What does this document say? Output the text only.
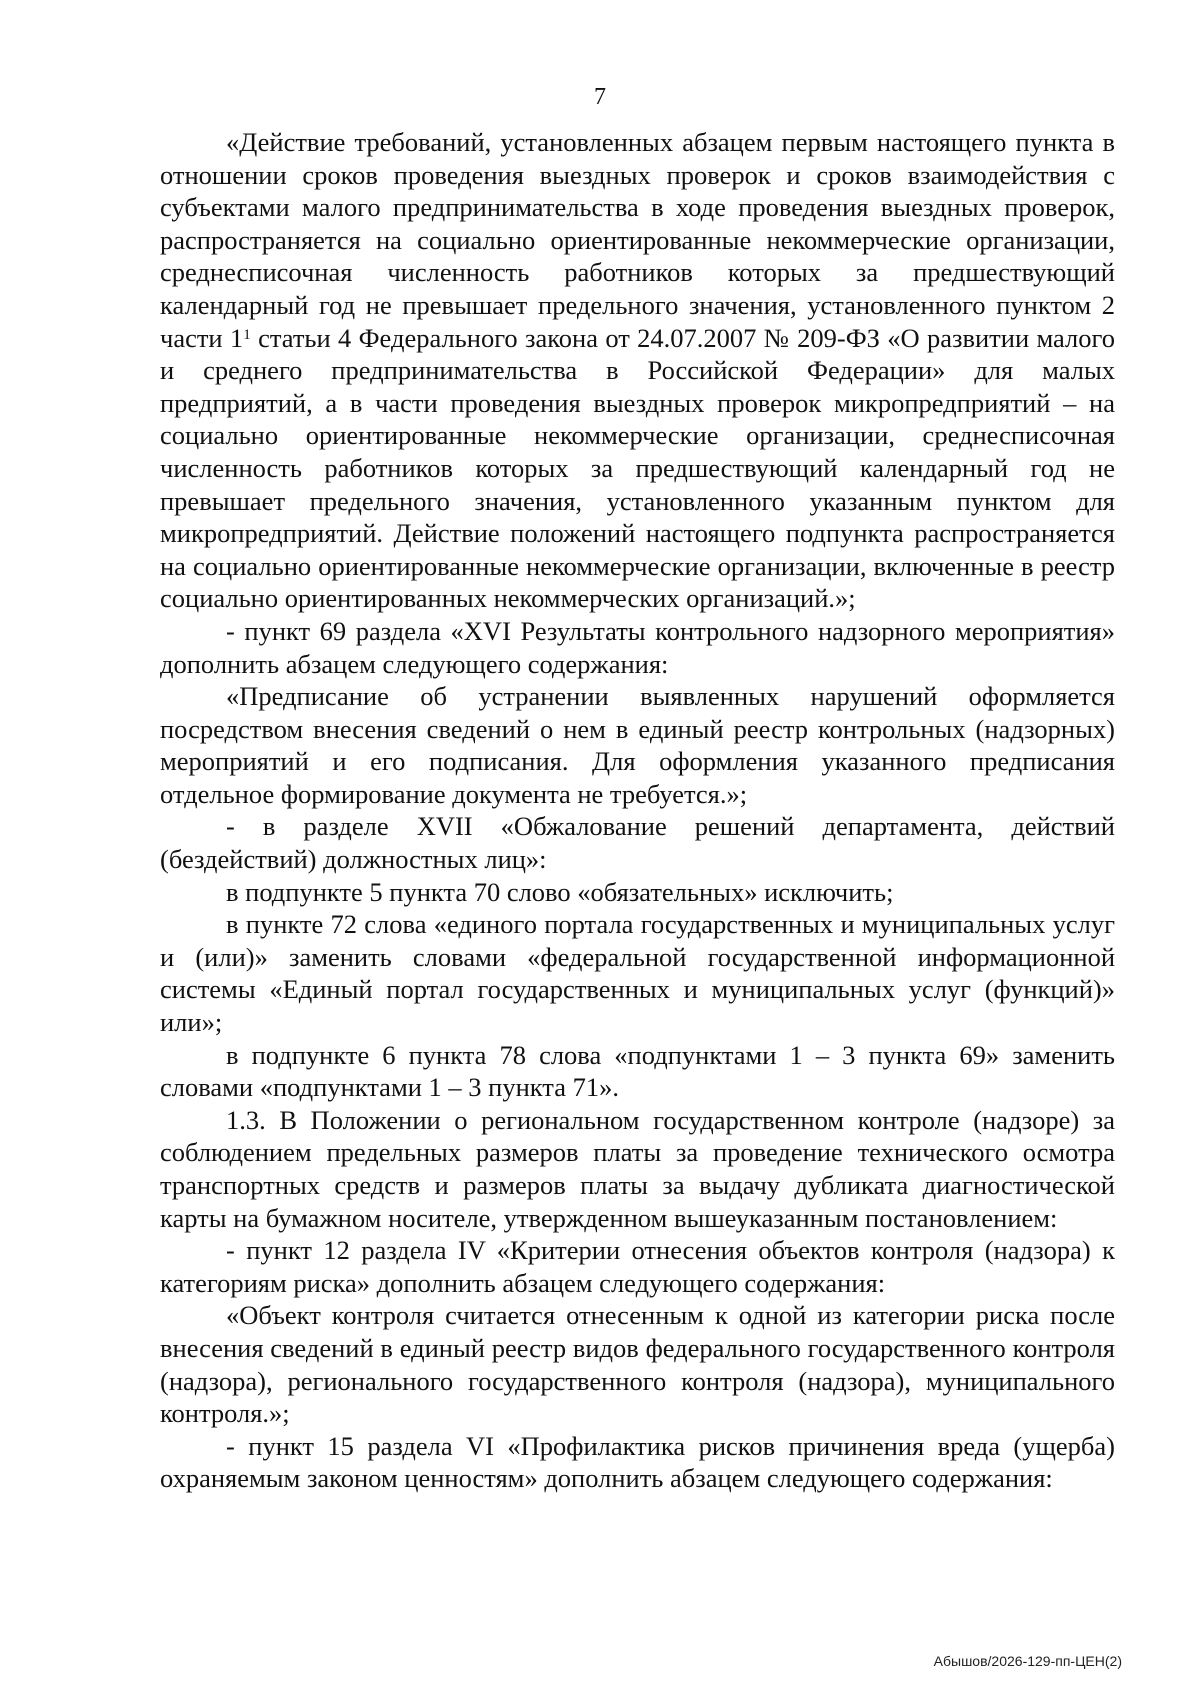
7

«Действие требований, установленных абзацем первым настоящего пункта в отношении сроков проведения выездных проверок и сроков взаимодействия с субъектами малого предпринимательства в ходе проведения выездных проверок, распространяется на социально ориентированные некоммерческие организации, среднесписочная численность работников которых за предшествующий календарный год не превышает предельного значения, установленного пунктом 2 части $1^1$ статьи 4 Федерального закона от 24.07.2007 № 209-ФЗ «О развитии малого и среднего предпринимательства в Российской Федерации» для малых предприятий, а в части проведения выездных проверок микропредприятий – на социально ориентированные некоммерческие организации, среднесписочная численность работников которых за предшествующий календарный год не превышает предельного значения, установленного указанным пунктом для микропредприятий. Действие положений настоящего подпункта распространяется на социально ориентированные некоммерческие организации, включенные в реестр социально ориентированных некоммерческих организаций.»;

- пункт 69 раздела «XVI Результаты контрольного надзорного мероприятия» дополнить абзацем следующего содержания:

«Предписание об устранении выявленных нарушений оформляется посредством внесения сведений о нем в единый реестр контрольных (надзорных) мероприятий и его подписания. Для оформления указанного предписания отдельное формирование документа не требуется.»;

- в разделе XVII «Обжалование решений департамента, действий (бездействий) должностных лиц»:

в подпункте 5 пункта 70 слово «обязательных» исключить;

в пункте 72 слова «единого портала государственных и муниципальных услуг и (или)» заменить словами «федеральной государственной информационной системы «Единый портал государственных и муниципальных услуг (функций)» или»;

в подпункте 6 пункта 78 слова «подпунктами 1 – 3 пункта 69» заменить словами «подпунктами 1 – 3 пункта 71».

1.3. В Положении о региональном государственном контроле (надзоре) за соблюдением предельных размеров платы за проведение технического осмотра транспортных средств и размеров платы за выдачу дубликата диагностической карты на бумажном носителе, утвержденном вышеуказанным постановлением:

- пункт 12 раздела IV «Критерии отнесения объектов контроля (надзора) к категориям риска» дополнить абзацем следующего содержания:

«Объект контроля считается отнесенным к одной из категории риска после внесения сведений в единый реестр видов федерального государственного контроля (надзора), регионального государственного контроля (надзора), муниципального контроля.»;

- пункт 15 раздела VI «Профилактика рисков причинения вреда (ущерба) охраняемым законом ценностям» дополнить абзацем следующего содержания:

Абышов/2026-129-пп-ЦЕН(2)
